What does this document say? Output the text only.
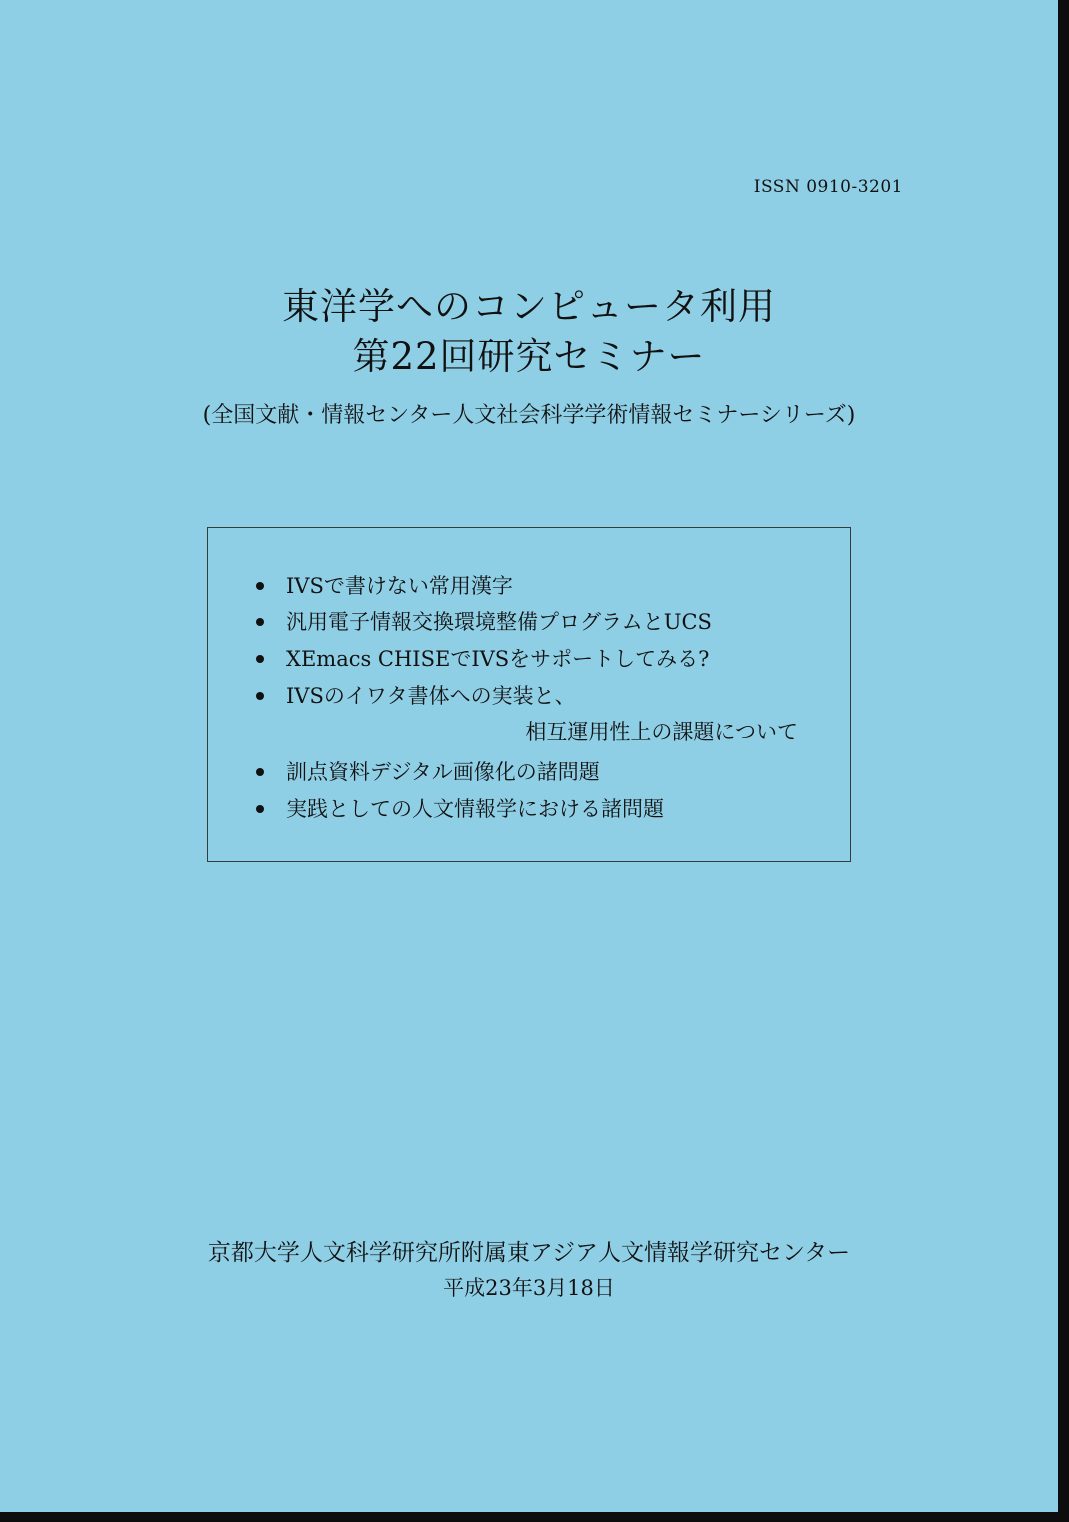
ISSN 0910-3201
東洋学へのコンピュータ利用
第22回研究セミナー
(全国文献・情報センター人文社会科学学術情報セミナーシリーズ)
IVSで書けない常用漢字
汎用電子情報交換環境整備プログラムとUCS
XEmacs CHISEでIVSをサポートしてみる?
IVSのイワタ書体への実装と、
相互運用性上の課題について
訓点資料デジタル画像化の諸問題
実践としての人文情報学における諸問題
京都大学人文科学研究所附属東アジア人文情報学研究センター
平成23年3月18日
